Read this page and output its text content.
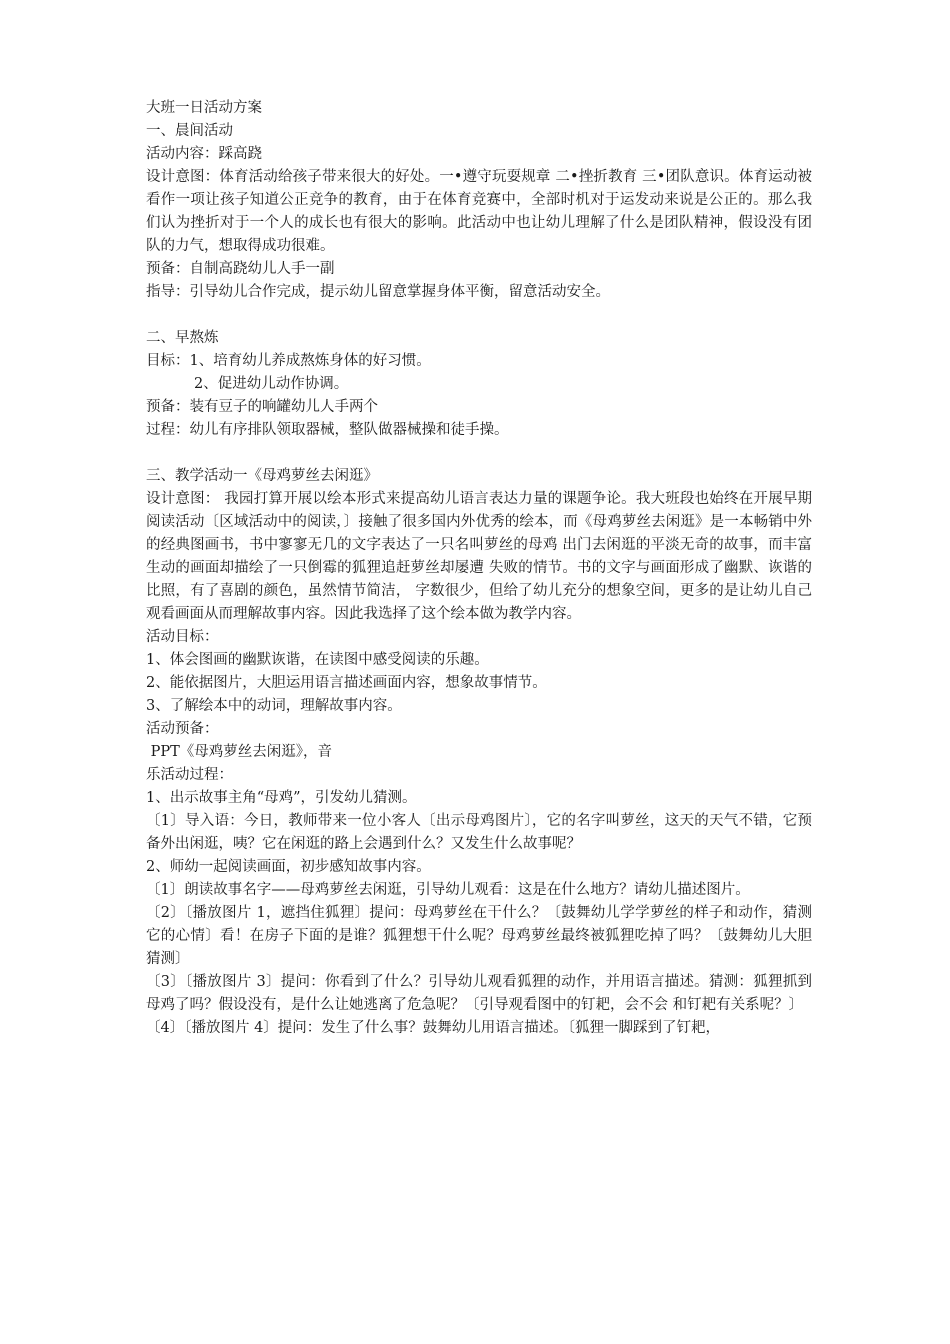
大班一日活动方案
一、晨间活动
活动内容：踩高跷
设计意图：体育活动给孩子带来很大的好处。一•遵守玩耍规章 二•挫折教育 三•团队意识。体育运动被看作一项让孩子知道公正竞争的教育，由于在体育竞赛中，全部时机对于运发动来说是公正的。那么我们认为挫折对于一个人的成长也有很大的影响。此活动中也让幼儿理解了什么是团队精神，假设没有团队的力气，想取得成功很难。
预备：自制高跷幼儿人手一副
指导：引导幼儿合作完成，提示幼儿留意掌握身体平衡，留意活动安全。
二、早熬炼
目标：1、培育幼儿养成熬炼身体的好习惯。
2、促进幼儿动作协调。
预备：装有豆子的响罐幼儿人手两个
过程：幼儿有序排队领取器械，整队做器械操和徒手操。
三、教学活动一《母鸡萝丝去闲逛》
设计意图： 我园打算开展以绘本形式来提高幼儿语言表达力量的课题争论。我大班段也始终在开展早期阅读活动〔区域活动中的阅读，〕接触了很多国内外优秀的绘本，而《母鸡萝丝去闲逛》是一本畅销中外的经典图画书，书中寥寥无几的文字表达了一只名叫萝丝的母鸡 出门去闲逛的平淡无奇的故事，而丰富生动的画面却描绘了一只倒霉的狐狸追赶萝丝却屡遭 失败的情节。书的文字与画面形成了幽默、诙谐的比照，有了喜剧的颜色，虽然情节简洁， 字数很少，但给了幼儿充分的想象空间，更多的是让幼儿自己观看画面从而理解故事内容。因此我选择了这个绘本做为教学内容。
活动目标：
1、体会图画的幽默诙谐，在读图中感受阅读的乐趣。
2、能依据图片，大胆运用语言描述画面内容，想象故事情节。
3、了解绘本中的动词，理解故事内容。
活动预备：
PPT《母鸡萝丝去闲逛》，音
乐活动过程：
1、出示故事主角“母鸡”，引发幼儿猜测。
〔1〕导入语：今日，教师带来一位小客人〔出示母鸡图片〕，它的名字叫萝丝，这天的天气不错，它预备外出闲逛，咦？它在闲逛的路上会遇到什么？又发生什么故事呢？
2、师幼一起阅读画面，初步感知故事内容。
〔1〕朗读故事名字——母鸡萝丝去闲逛，引导幼儿观看：这是在什么地方？请幼儿描述图片。
〔2〕〔播放图片 1，遮挡住狐狸〕提问：母鸡萝丝在干什么？〔鼓舞幼儿学学萝丝的样子和动作，猜测它的心情〕看！在房子下面的是谁？狐狸想干什么呢？母鸡萝丝最终被狐狸吃掉了吗？〔鼓舞幼儿大胆猜测〕
〔3〕〔播放图片 3〕提问：你看到了什么？引导幼儿观看狐狸的动作，并用语言描述。猜测：狐狸抓到母鸡了吗？假设没有，是什么让她逃离了危急呢？〔引导观看图中的钉耙，会不会 和钉耙有关系呢？〕
〔4〕〔播放图片 4〕提问：发生了什么事？鼓舞幼儿用语言描述。〔狐狸一脚踩到了钉耙，
